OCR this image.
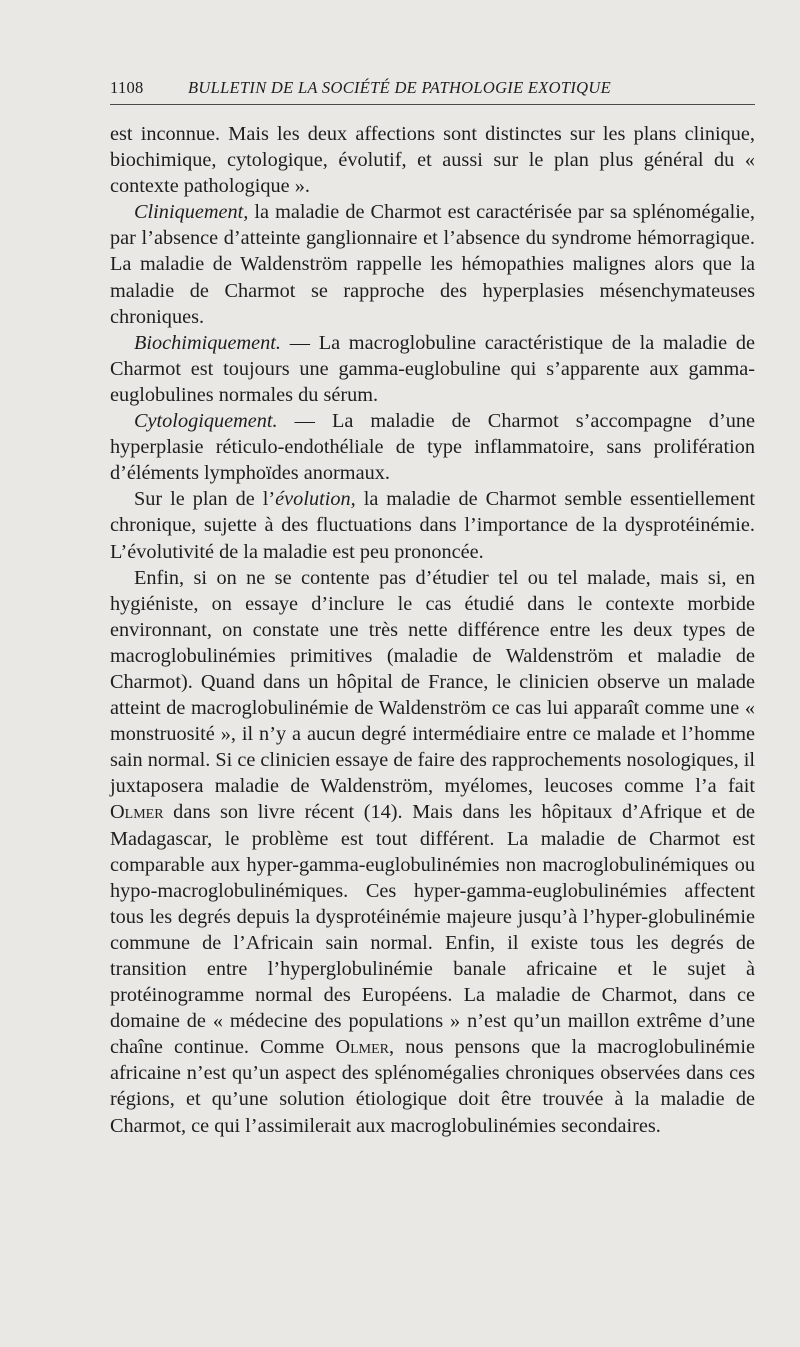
1108	BULLETIN DE LA SOCIÉTÉ DE PATHOLOGIE EXOTIQUE

est inconnue. Mais les deux affections sont distinctes sur les plans clinique, biochimique, cytologique, évolutif, et aussi sur le plan plus général du « contexte pathologique ».

Cliniquement, la maladie de Charmot est caractérisée par sa splénomégalie, par l’absence d’atteinte ganglionnaire et l’absence du syndrome hémorragique. La maladie de Waldenström rappelle les hémopathies malignes alors que la maladie de Charmot se rapproche des hyperplasies mésenchymateuses chroniques.

Biochimiquement. — La macroglobuline caractéristique de la maladie de Charmot est toujours une gamma-euglobuline qui s’apparente aux gamma-euglobulines normales du sérum.

Cytologiquement. — La maladie de Charmot s’accompagne d’une hyperplasie réticulo-endothéliale de type inflammatoire, sans prolifération d’éléments lymphoïdes anormaux.

Sur le plan de l’évolution, la maladie de Charmot semble essentiellement chronique, sujette à des fluctuations dans l’importance de la dysprotéinémie. L’évolutivité de la maladie est peu prononcée.

Enfin, si on ne se contente pas d’étudier tel ou tel malade, mais si, en hygiéniste, on essaye d’inclure le cas étudié dans le contexte morbide environnant, on constate une très nette différence entre les deux types de macroglobulinémies primitives (maladie de Waldenström et maladie de Charmot). Quand dans un hôpital de France, le clinicien observe un malade atteint de macroglobulinémie de Waldenström ce cas lui apparaît comme une « monstruosité », il n’y a aucun degré intermédiaire entre ce malade et l’homme sain normal. Si ce clinicien essaye de faire des rapprochements nosologiques, il juxtaposera maladie de Waldenström, myélomes, leucoses comme l’a fait Olmer dans son livre récent (14). Mais dans les hôpitaux d’Afrique et de Madagascar, le problème est tout différent. La maladie de Charmot est comparable aux hyper-gamma-euglobulinémies non macroglobulinémiques ou hypo-macroglobulinémiques. Ces hyper-gamma-euglobulinémies affectent tous les degrés depuis la dysprotéinémie majeure jusqu’à l’hyper-globulinémie commune de l’Africain sain normal. Enfin, il existe tous les degrés de transition entre l’hyperglobulinémie banale africaine et le sujet à protéinogramme normal des Européens. La maladie de Charmot, dans ce domaine de « médecine des populations » n’est qu’un maillon extrême d’une chaîne continue. Comme Olmer, nous pensons que la macroglobulinémie africaine n’est qu’un aspect des splénomégalies chroniques observées dans ces régions, et qu’une solution étiologique doit être trouvée à la maladie de Charmot, ce qui l’assimilerait aux macroglobulinémies secondaires.
